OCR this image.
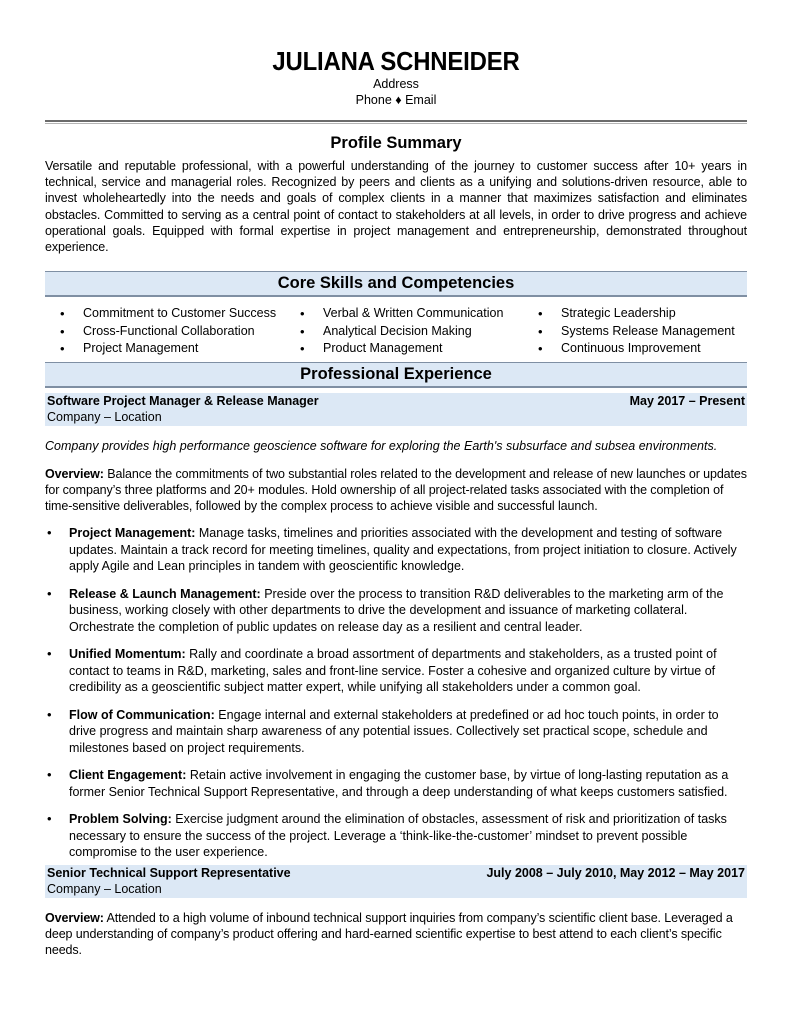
JULIANA SCHNEIDER
Address
Phone ♦ Email
Profile Summary
Versatile and reputable professional, with a powerful understanding of the journey to customer success after 10+ years in technical, service and managerial roles. Recognized by peers and clients as a unifying and solutions-driven resource, able to invest wholeheartedly into the needs and goals of complex clients in a manner that maximizes satisfaction and eliminates obstacles. Committed to serving as a central point of contact to stakeholders at all levels, in order to drive progress and achieve operational goals. Equipped with formal expertise in project management and entrepreneurship, demonstrated throughout experience.
Core Skills and Competencies
• Commitment to Customer Success
• Cross-Functional Collaboration
• Project Management
• Verbal & Written Communication
• Analytical Decision Making
• Product Management
• Strategic Leadership
• Systems Release Management
• Continuous Improvement
Professional Experience
Software Project Manager & Release Manager	May 2017 – Present
Company – Location
Company provides high performance geoscience software for exploring the Earth's subsurface and subsea environments.
Overview: Balance the commitments of two substantial roles related to the development and release of new launches or updates for company’s three platforms and 20+ modules. Hold ownership of all project-related tasks associated with the completion of time-sensitive deliverables, followed by the complex process to achieve visible and successful launch.
• Project Management: Manage tasks, timelines and priorities associated with the development and testing of software updates. Maintain a track record for meeting timelines, quality and expectations, from project initiation to closure. Actively apply Agile and Lean principles in tandem with geoscientific knowledge.
• Release & Launch Management: Preside over the process to transition R&D deliverables to the marketing arm of the business, working closely with other departments to drive the development and issuance of marketing collateral. Orchestrate the completion of public updates on release day as a resilient and central leader.
• Unified Momentum: Rally and coordinate a broad assortment of departments and stakeholders, as a trusted point of contact to teams in R&D, marketing, sales and front-line service. Foster a cohesive and organized culture by virtue of credibility as a geoscientific subject matter expert, while unifying all stakeholders under a common goal.
• Flow of Communication: Engage internal and external stakeholders at predefined or ad hoc touch points, in order to drive progress and maintain sharp awareness of any potential issues. Collectively set practical scope, schedule and milestones based on project requirements.
• Client Engagement: Retain active involvement in engaging the customer base, by virtue of long-lasting reputation as a former Senior Technical Support Representative, and through a deep understanding of what keeps customers satisfied.
• Problem Solving: Exercise judgment around the elimination of obstacles, assessment of risk and prioritization of tasks necessary to ensure the success of the project. Leverage a ‘think-like-the-customer’ mindset to prevent possible compromise to the user experience.
Senior Technical Support Representative	July 2008 – July 2010, May 2012 – May 2017
Company – Location
Overview: Attended to a high volume of inbound technical support inquiries from company’s scientific client base. Leveraged a deep understanding of company’s product offering and hard-earned scientific expertise to best attend to each client’s specific needs.
